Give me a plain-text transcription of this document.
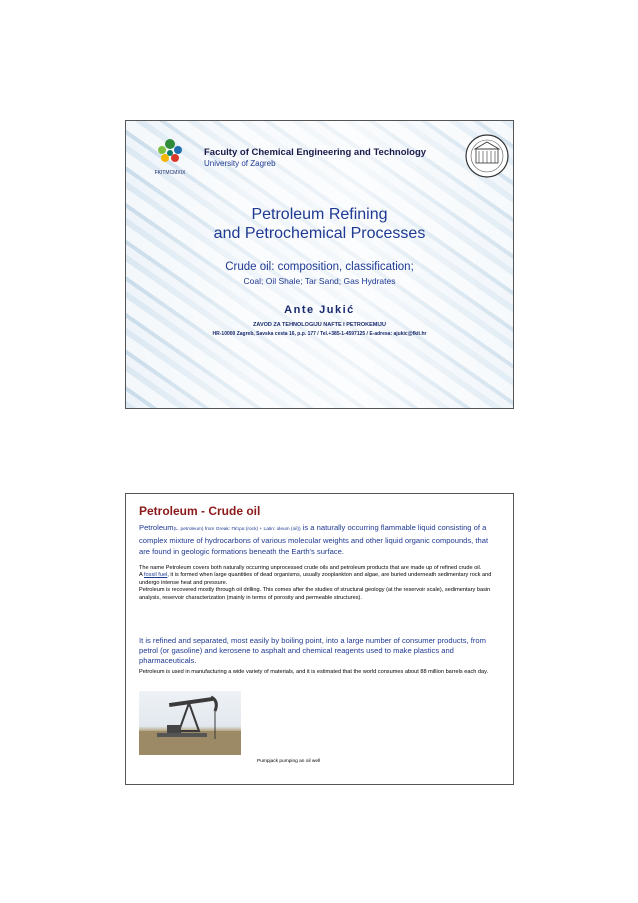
FKITMCMXIX
Faculty of Chemical Engineering and Technology
University of Zagreb
Petroleum Refining
and Petrochemical Processes
Crude oil: composition, classification;
Coal; Oil Shale; Tar Sand; Gas Hydrates
Ante Jukić
ZAVOD ZA TEHNOLOGIJU NAFTE I PETROKEMIJU
HR-10000 Zagreb, Savska cesta 16, p.p. 177 / Tel.+385-1-4597125 / E-adresa: ajukic@fkit.hr
Petroleum - Crude oil
Petroleum(L. petroleum) from Greak: Πέτρα (rock) + Latin: oleum (oil)) is a naturally occurring flammable liquid consisting of a complex mixture of hydrocarbons of various molecular weights and other liquid organic compounds, that are found in geologic formations beneath the Earth's surface.
The name Petroleum covers both naturally occurring unprocessed crude oils and petroleum products that are made up of refined crude oil.
A fossil fuel, it is formed when large quantities of dead organisms, usually zooplankton and algae, are buried underneath sedimentary rock and undergo intense heat and pressure.
Petroleum is recovered mostly through oil drilling. This comes after the studies of structural geology (at the reservoir scale), sedimentary basin analysis, reservoir characterization (mainly in terms of porosity and permeable structures).
It is refined and separated, most easily by boiling point, into a large number of consumer products, from petrol (or gasoline) and kerosene to asphalt and chemical reagents used to make plastics and pharmaceuticals.
Petroleum is used in manufacturing a wide variety of materials, and it is estimated that the world consumes about 88 million barrels each day.
Pumpjack pumping an oil well
